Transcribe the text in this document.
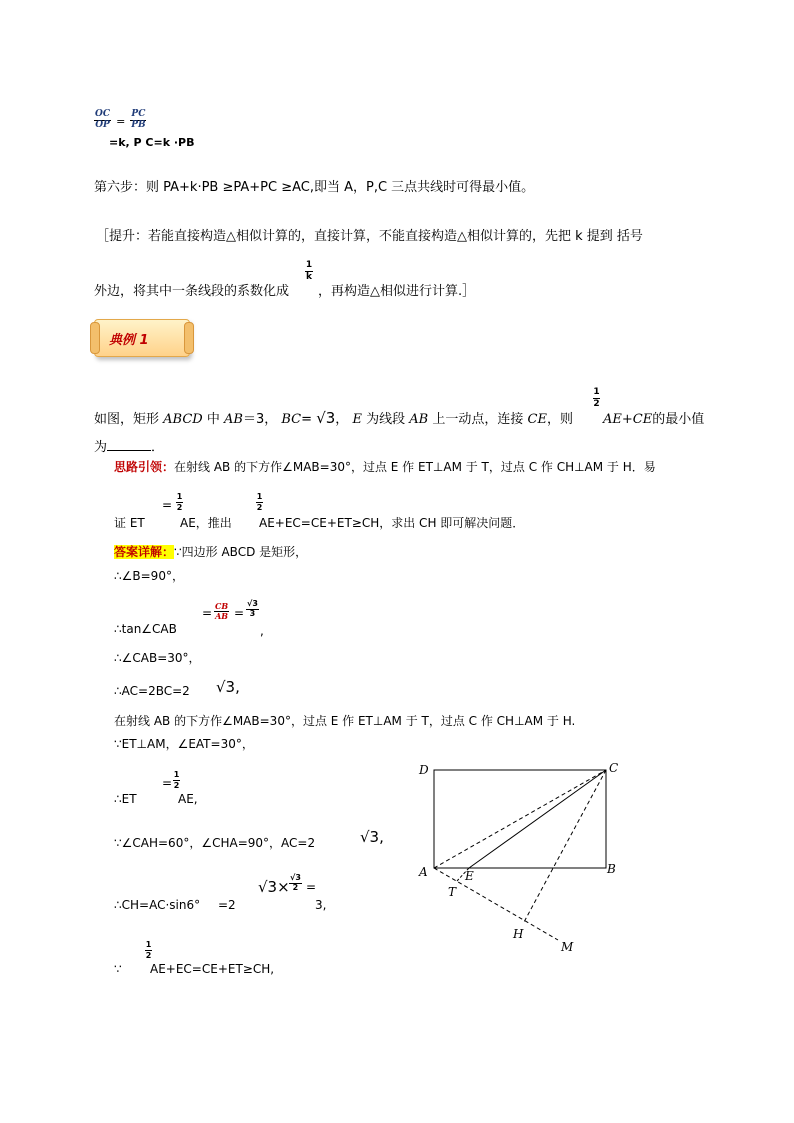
$\frac{OC}{OP} = \frac{PC}{PB}$
=k, P C=k ·PB
第六步：则 PA+k·PB ≥PA+PC ≥AC,即当 A，P,C 三点共线时可得最小值。
［提升：若能直接构造△相似计算的，直接计算，不能直接构造△相似计算的，先把 k 提到 括号
外边，将其中一条线段的系数化成
1
k
，再构造△相似进行计算.］
典例 1
如图，矩形 ABCD 中 AB＝3， BC= √3， E 为线段 AB 上一动点，连接 CE，则
1
2
AE+CE的最小值
为	．
思路引领：在射线 AB 的下方作∠MAB=30°，过点 E 作 ET⊥AM 于 T，过点 C 作 CH⊥AM 于 H．易
证 ET
=
1
2
AE，推出
1
2
AE+EC=CE+ET≥CH，求出 CH 即可解决问题．
答案详解：∵四边形 ABCD 是矩形，
∴∠B=90°，
∴tan∠CAB
= $\frac{CB}{AB} = \frac{√3}{3}$
,
∴∠CAB=30°，
∴AC=2BC=2 √3,
在射线 AB 的下方作∠MAB=30°，过点 E 作 ET⊥AM 于 T，过点 C 作 CH⊥AM 于 H.
∵ET⊥AM，∠EAT=30°，
∴ET
=
1
2
AE,
∵∠CAH=60°，∠CHA=90°，AC=2	√3,
∴CH=AC·sin6° =2
$√3\times \frac{√3}{2}$ =
3,
∵
1
2
AE+EC=CE+ET≥CH,
D	C
A	E	B
T
H
M
